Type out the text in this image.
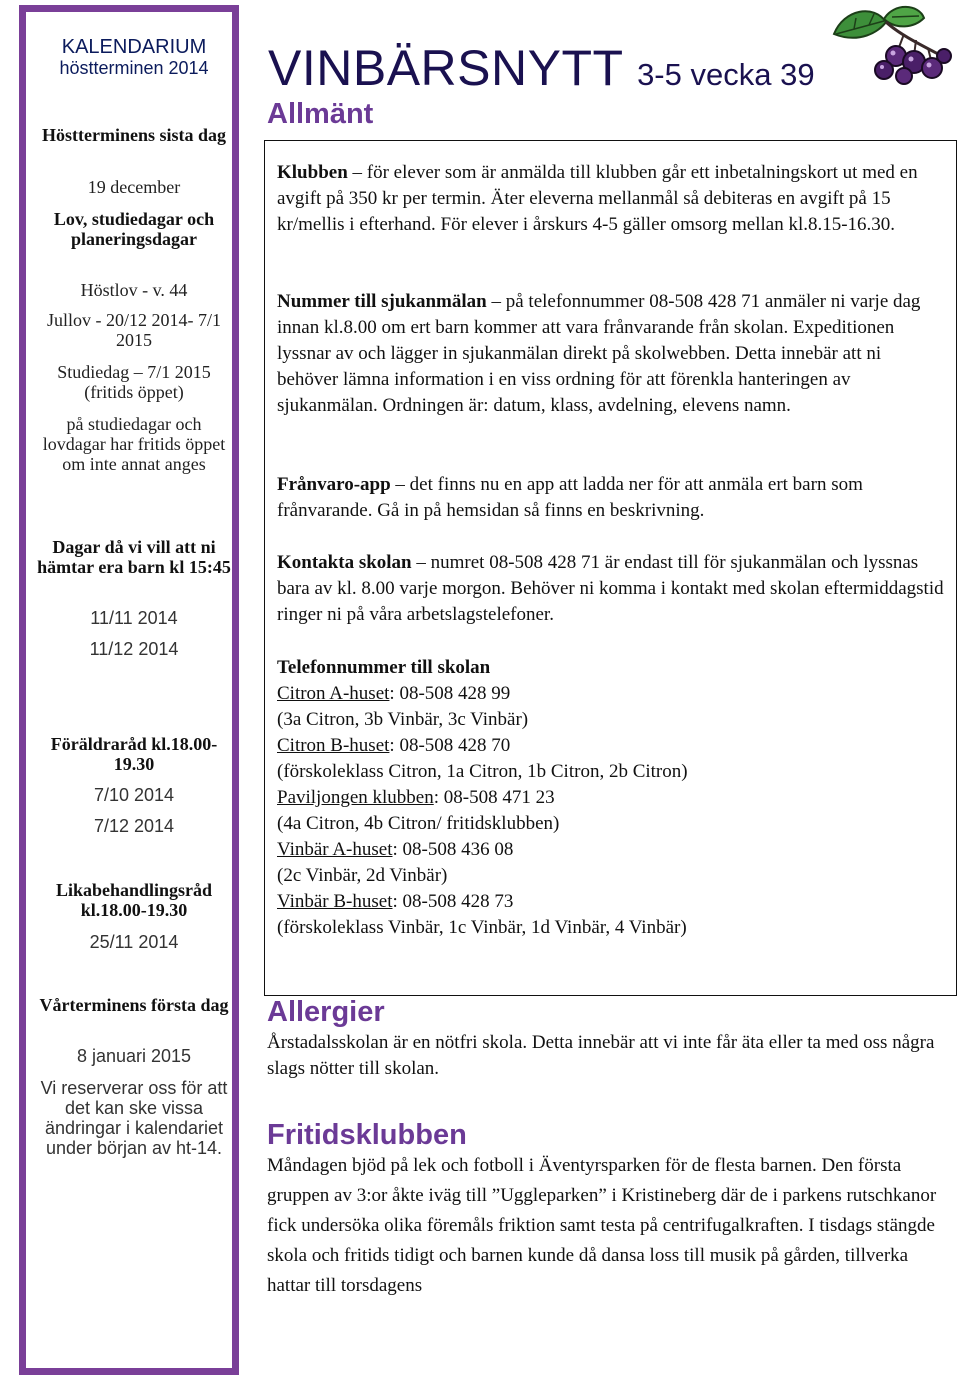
KALENDARIUM
höstterminen 2014
Höstterminens sista dag
19 december
Lov, studiedagar och planeringsdagar
Höstlov - v. 44
Jullov - 20/12 2014- 7/1 2015
Studiedag – 7/1 2015 (fritids öppet)
på studiedagar och lovdagar har fritids öppet om inte annat anges
Dagar då vi vill att ni hämtar era barn kl 15:45
11/11 2014
11/12 2014
Föräldraråd kl.18.00-19.30
7/10 2014
7/12 2014
Likabehandlingsråd kl.18.00-19.30
25/11 2014
Vårterminens första dag
8 januari 2015
Vi reserverar oss för att det kan ske vissa ändringar i kalendariet under början av ht-14.
VINBÄRSNYTT 3-5 vecka 39
Allmänt
Klubben – för elever som är anmälda till klubben går ett inbetalningskort ut med en avgift på 350 kr per termin. Äter eleverna mellanmål så debiteras en avgift på 15 kr/mellis i efterhand. För elever i årskurs 4-5 gäller omsorg mellan kl.8.15-16.30.
Nummer till sjukanmälan – på telefonnummer 08-508 428 71 anmäler ni varje dag innan kl.8.00 om ert barn kommer att vara frånvarande från skolan. Expeditionen lyssnar av och lägger in sjukanmälan direkt på skolwebben. Detta innebär att ni behöver lämna information i en viss ordning för att förenkla hanteringen av sjukanmälan. Ordningen är: datum, klass, avdelning, elevens namn.
Frånvaro-app – det finns nu en app att ladda ner för att anmäla ert barn som frånvarande. Gå in på hemsidan så finns en beskrivning.
Kontakta skolan – numret 08-508 428 71 är endast till för sjukanmälan och lyssnas bara av kl. 8.00 varje morgon. Behöver ni komma i kontakt med skolan eftermiddagstid ringer ni på våra arbetslagstelefoner.
Telefonnummer till skolan
Citron A-huset: 08-508 428 99
(3a Citron, 3b Vinbär, 3c Vinbär)
Citron B-huset: 08-508 428 70
(förskoleklass Citron, 1a Citron, 1b Citron, 2b Citron)
Paviljongen klubben: 08-508 471 23
(4a Citron, 4b Citron/ fritidsklubben)
Vinbär A-huset: 08-508 436 08
(2c Vinbär, 2d Vinbär)
Vinbär B-huset: 08-508 428 73
(förskoleklass Vinbär, 1c Vinbär, 1d Vinbär, 4 Vinbär)
Allergier
Årstadalsskolan är en nötfri skola. Detta innebär att vi inte får äta eller ta med oss några slags nötter till skolan.
Fritidsklubben
Måndagen bjöd på lek och fotboll i Äventyrsparken för de flesta barnen. Den första gruppen av 3:or åkte iväg till ”Uggleparken” i Kristineberg där de i parkens rutschkanor fick undersöka olika föremåls friktion samt testa på centrifugalkraften. I tisdags stängde skola och fritids tidigt och barnen kunde då dansa loss till musik på gården, tillverka hattar till torsdagens
